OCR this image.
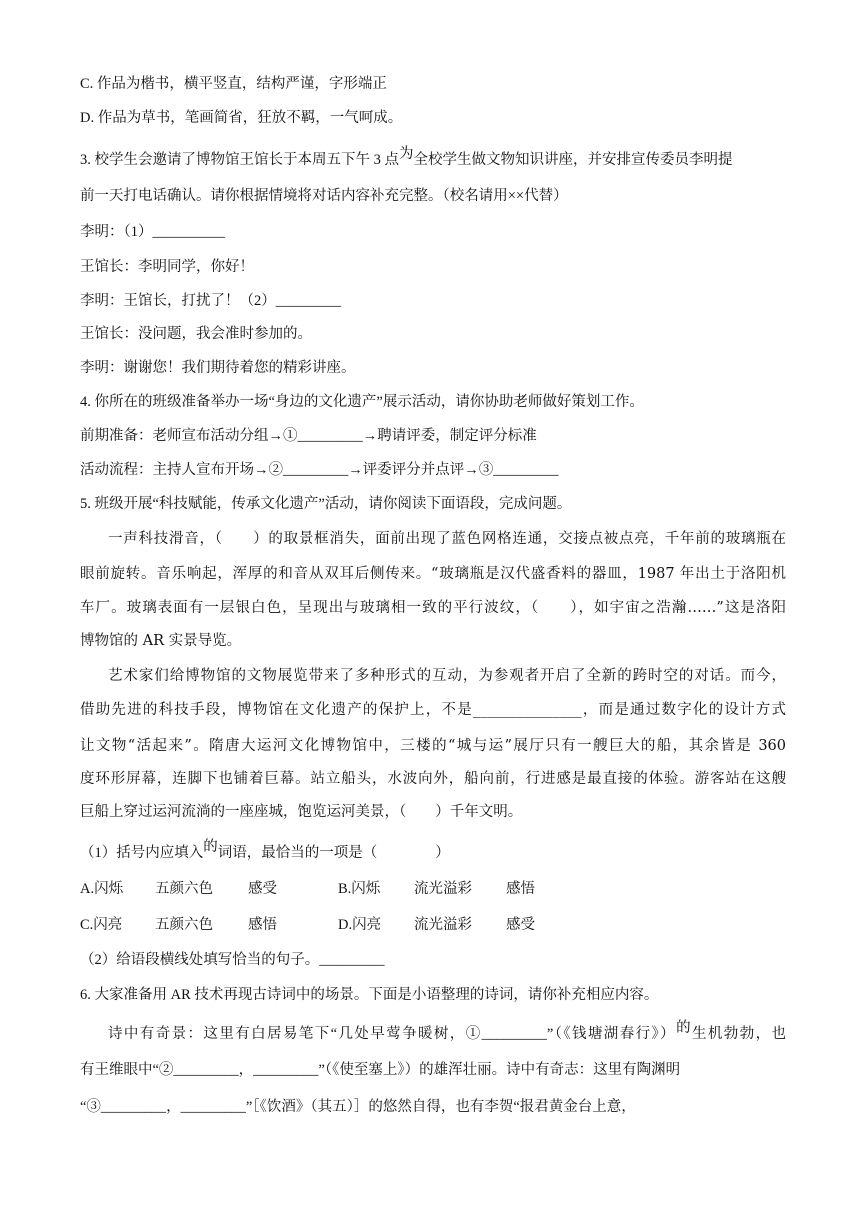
C. 作品为楷书，横平竖直，结构严谨，字形端正
D. 作品为草书，笔画简省，狂放不羁，一气呵成。
3. 校学生会邀请了博物馆王馆长于本周五下午 3 点为全校学生做文物知识讲座，并安排宣传委员李明提
前一天打电话确认。请你根据情境将对话内容补充完整。（校名请用××代替）
李明：（1）__________
王馆长：李明同学，你好！
李明：王馆长，打扰了！（2）_________
王馆长：没问题，我会准时参加的。
李明：谢谢您！我们期待着您的精彩讲座。
4. 你所在的班级准备举办一场“身边的文化遗产”展示活动，请你协助老师做好策划工作。
前期准备：老师宣布活动分组→①_________→聘请评委，制定评分标准
活动流程：主持人宣布开场→②_________→评委评分并点评→③_________
5. 班级开展“科技赋能，传承文化遗产”活动，请你阅读下面语段，完成问题。
一声科技滑音，（　　）的取景框消失，面前出现了蓝色网格连通，交接点被点亮，千年前的玻璃瓶在
眼前旋转。音乐响起，浑厚的和音从双耳后侧传来。“玻璃瓶是汉代盛香料的器皿，1987 年出土于洛阳机
车厂。玻璃表面有一层银白色，呈现出与玻璃相一致的平行波纹，（　　），如宇宙之浩瀚……”这是洛阳
博物馆的 AR 实景导览。
艺术家们给博物馆的文物展览带来了多种形式的互动，为参观者开启了全新的跨时空的对话。而今，
借助先进的科技手段，博物馆在文化遗产的保护上，不是_______________，而是通过数字化的设计方式
让文物“活起来”。隋唐大运河文化博物馆中，三楼的“城与运”展厅只有一艘巨大的船，其余皆是 360
度环形屏幕，连脚下也铺着巨幕。站立船头，水波向外，船向前，行进感是最直接的体验。游客站在这艘
巨船上穿过运河流淌的一座座城，饱览运河美景，（　　）千年文明。
（1）括号内应填入的词语，最恰当的一项是（　　　　）
A.闪烁 五颜六色 感受	B.闪烁 流光溢彩 感悟
C.闪亮 五颜六色 感悟	D.闪亮 流光溢彩 感受
（2）给语段横线处填写恰当的句子。_________
6. 大家准备用 AR 技术再现古诗词中的场景。下面是小语整理的诗词，请你补充相应内容。
诗中有奇景：这里有白居易笔下“几处早莺争暖树，①_________”（《钱塘湖春行》）的生机勃勃，也
有王维眼中“②_________，_________”（《使至塞上》）的雄浑壮丽。诗中有奇志：这里有陶渊明
“③_________，_________”［《饮酒》（其五）］的悠然自得，也有李贺“报君黄金台上意，
